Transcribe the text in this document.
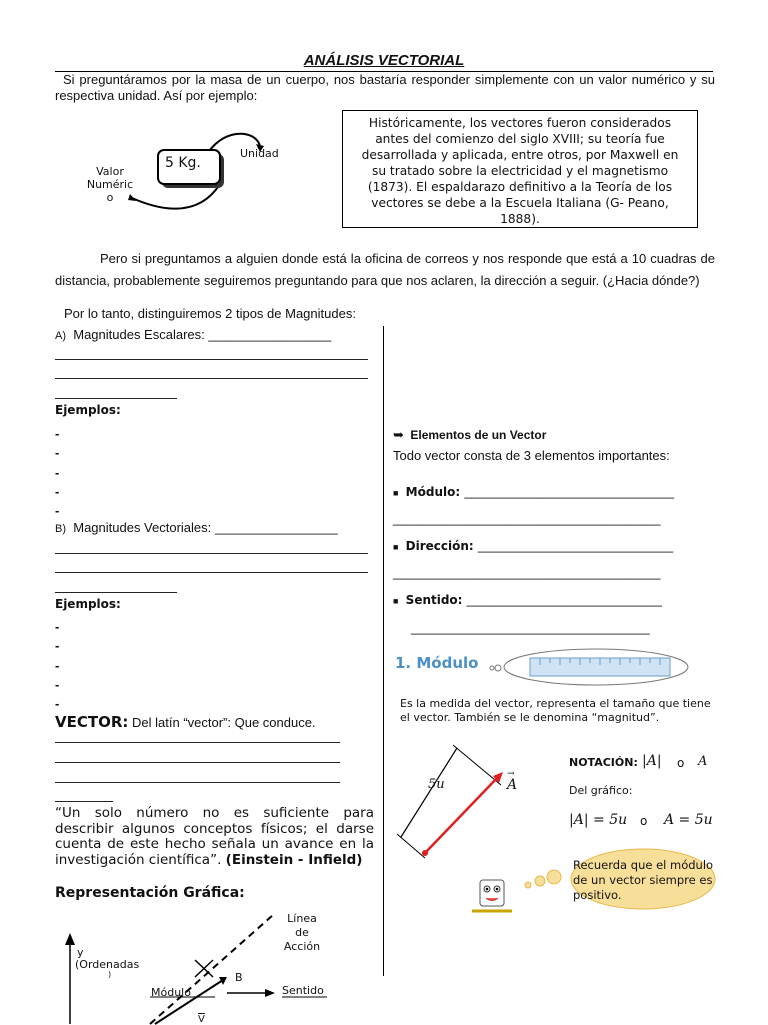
ANÁLISIS VECTORIAL
Si preguntáramos por la masa de un cuerpo, nos bastaría responder simplemente con un valor numérico y su respectiva unidad. Así por ejemplo:
5 Kg.
Unidad
Valor
Numéric
o
Históricamente, los vectores fueron considerados antes del comienzo del siglo XVIII; su teoría fue desarrollada y aplicada, entre otros, por Maxwell en su tratado sobre la electricidad y el magnetismo (1873). El espaldarazo definitivo a la Teoría de los vectores se debe a la Escuela Italiana (G- Peano, 1888).
Pero si preguntamos a alguien donde está la oficina de correos y nos responde que está a 10 cuadras de distancia, probablemente seguiremos preguntando para que nos aclaren, la dirección a seguir. (¿Hacia dónde?)
Por lo tanto, distinguiremos 2 tipos de Magnitudes:
A) Magnitudes Escalares: _________________
Ejemplos:
-
-
-
-
-
B) Magnitudes Vectoriales: _________________
Ejemplos:
-
-
-
-
-
VECTOR: Del latín “vector”: Que conduce.
“Un solo número no es suficiente para describir algunos conceptos físicos; el darse cuenta de este hecho señala un avance en la investigación científica”. (Einstein - Infield)
Representación Gráfica:
Línea
de
Acción
y
(Ordenadas
)
Módulo
B
Sentido
$\overline{V}$
➥ Elementos de un Vector
Todo vector consta de 3 elementos importantes:
■ Módulo: _____________________________
_____________________________________
■ Dirección: ___________________________
_____________________________________
■ Sentido: ___________________________
_________________________________
1. Módulo
Es la medida del vector, representa el tamaño que tiene el vector. También se le denomina “magnitud”.
5u
→
A
NOTACIÓN: |A| o A
Del gráfico:
|A| = 5u o A = 5u
Recuerda que el módulo de un vector siempre es positivo.
